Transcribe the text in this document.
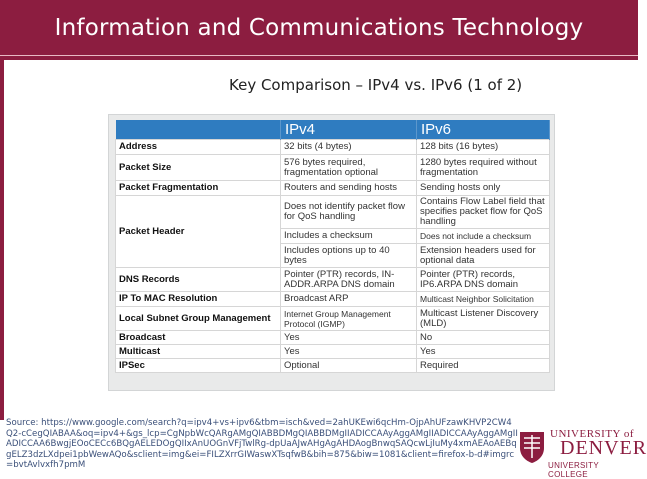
Information and Communications Technology
Key Comparison – IPv4 vs. IPv6 (1 of 2)
	IPv4	IPv6
Address	32 bits (4 bytes)	128 bits (16 bytes)
Packet Size	576 bytes required, fragmentation optional	1280 bytes required without fragmentation
Packet Fragmentation	Routers and sending hosts	Sending hosts only
Packet Header	Does not identify packet flow for QoS handling	Contains Flow Label field that specifies packet flow for QoS handling
	Includes a checksum	Does not include a checksum
	Includes options up to 40 bytes	Extension headers used for optional data
DNS Records	Pointer (PTR) records, IN-ADDR.ARPA DNS domain	Pointer (PTR) records, IP6.ARPA DNS domain
IP To MAC Resolution	Broadcast ARP	Multicast Neighbor Solicitation
Local Subnet Group Management	Internet Group Management Protocol (IGMP)	Multicast Listener Discovery (MLD)
Broadcast	Yes	No
Multicast	Yes	Yes
IPSec	Optional	Required
Source: https://www.google.com/search?q=ipv4+vs+ipv6&tbm=isch&ved=2ahUKEwi6qcHm-OjpAhUFzawKHVP2CW4Q2-cCegQIABAA&oq=ipv4+&gs_lcp=CgNpbWcQARgAMgQIABBDMgQIABBDMgIIADICCAAyAggAMgIIADICCAAyAggAMgIIADICCAA6BwgjEOoCECc6BQgAELEDOgQIIxAnUOGnVFjTwlRg-dpUaAJwAHgAgAHDAogBnwqSAQcwLjIuMy4xmAEAoAEBqgELZ3dzLXdpei1pbWewAQo&sclient=img&ei=FILZXrrGIWaswXTsqfwB&bih=875&biw=1081&client=firefox-b-d#imgrc=bvtAvlvxfh7pmM
UNIVERSITY of
DENVER
UNIVERSITY COLLEGE
